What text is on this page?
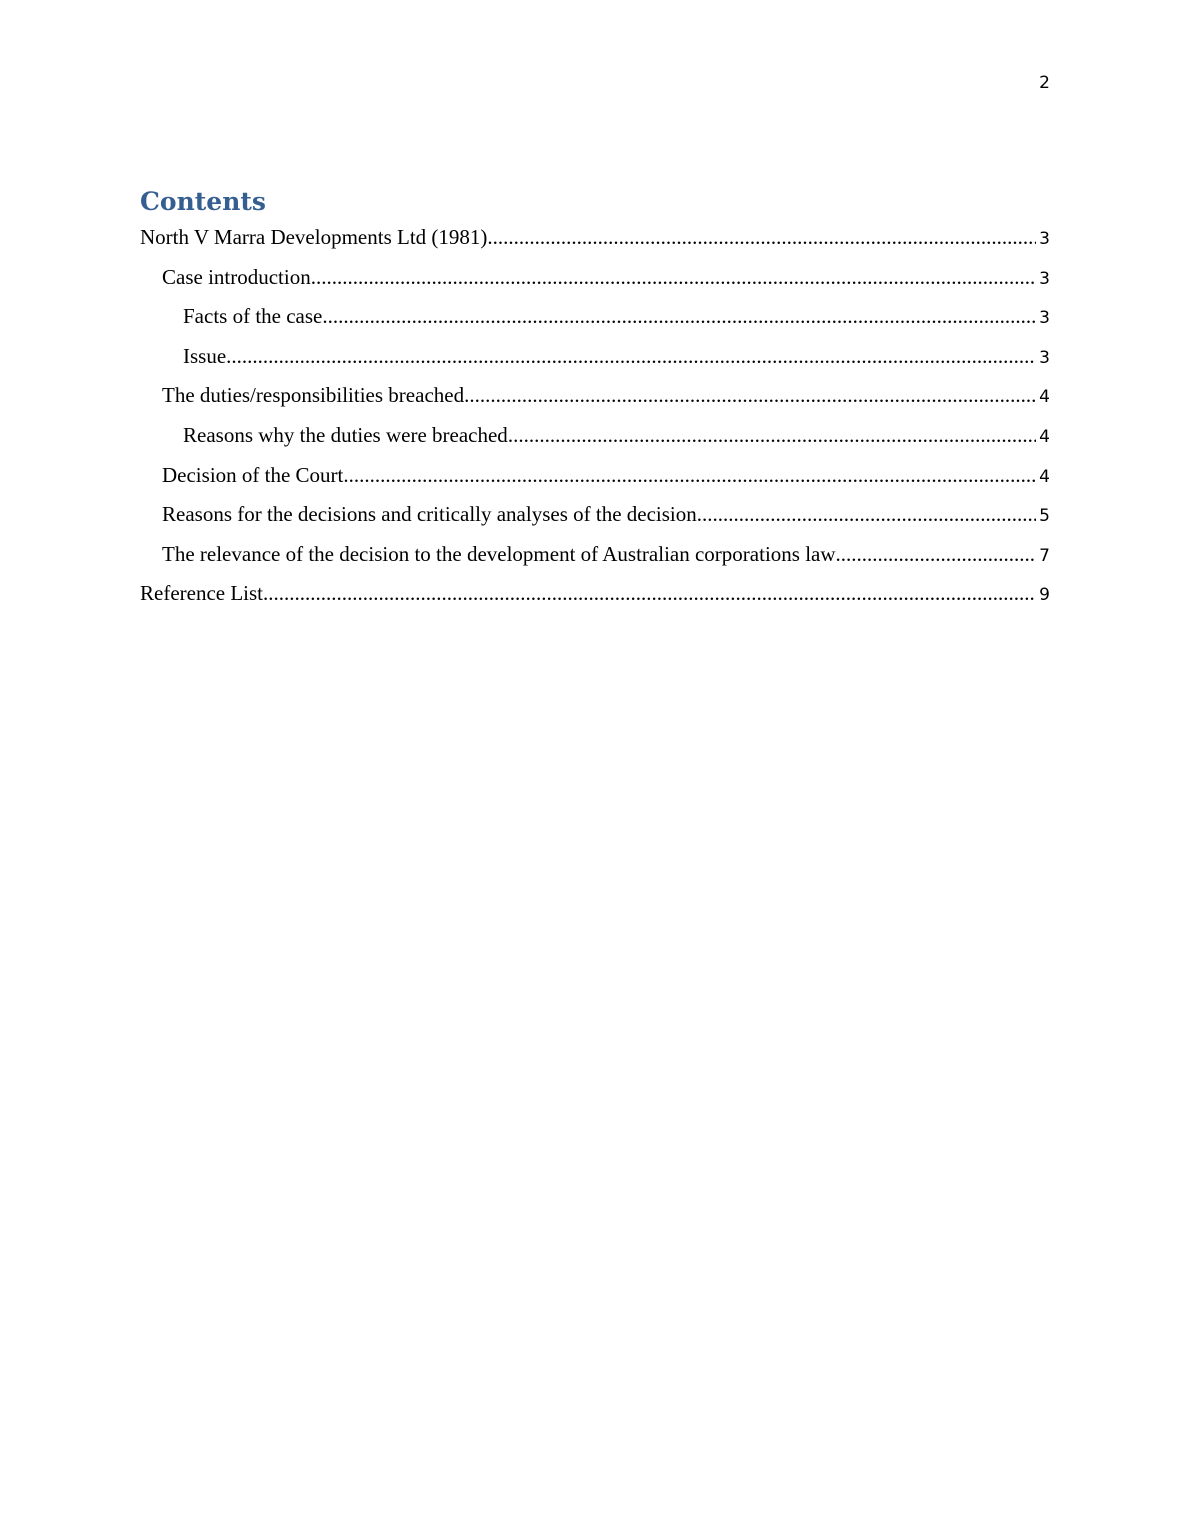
2
Contents
North V Marra Developments Ltd (1981) .....	3
Case introduction .....	3
Facts of the case .....	3
Issue .....	3
The duties/responsibilities breached .....	4
Reasons why the duties were breached .....	4
Decision of the Court .....	4
Reasons for the decisions and critically analyses of the decision .....	5
The relevance of the decision to the development of Australian corporations law .....	7
Reference List .....	9
